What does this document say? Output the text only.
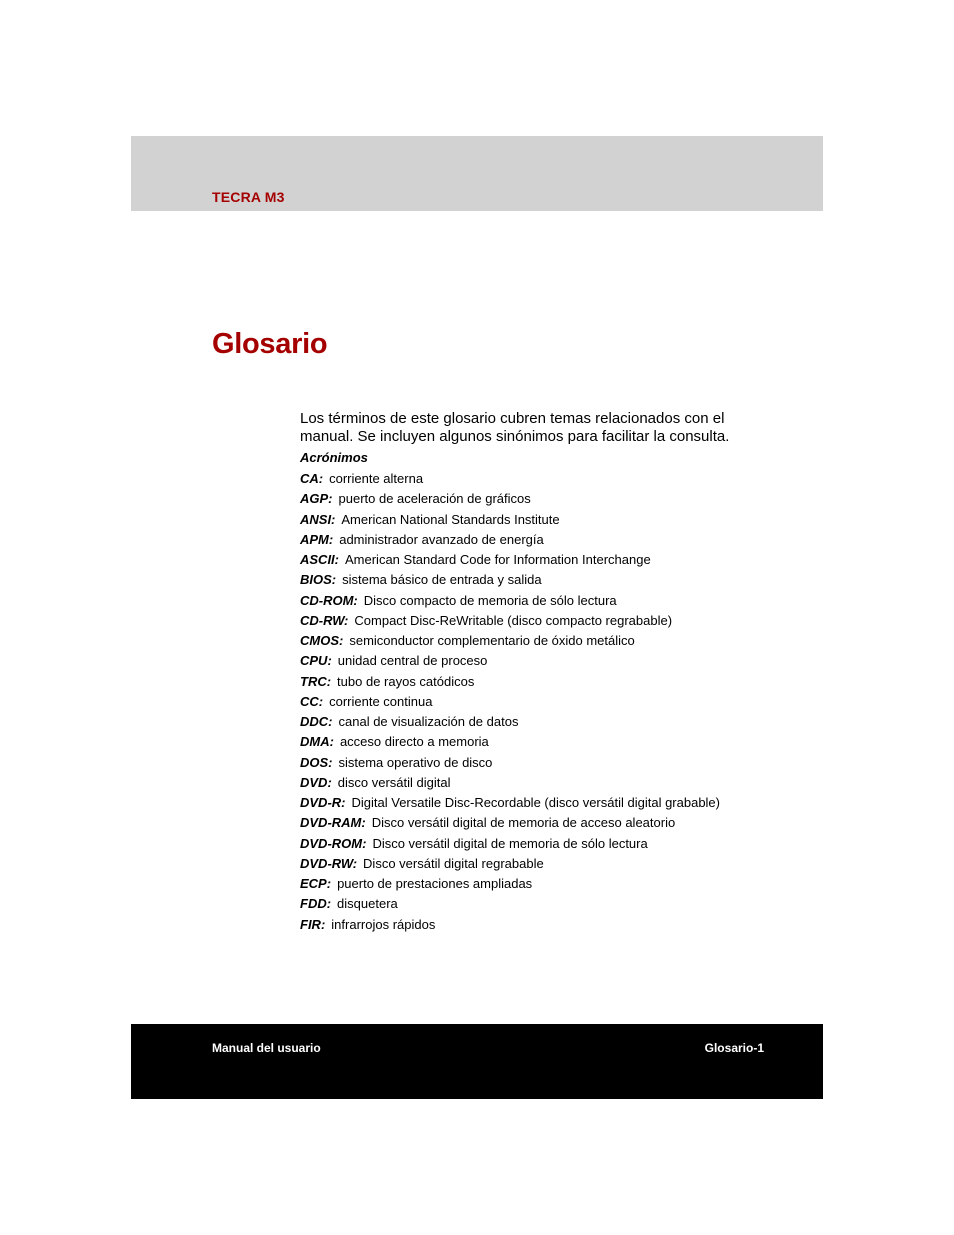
TECRA M3
Glosario

Los términos de este glosario cubren temas relacionados con el manual. Se incluyen algunos sinónimos para facilitar la consulta.

Acrónimos
CA: corriente alterna
AGP: puerto de aceleración de gráficos
ANSI: American National Standards Institute
APM: administrador avanzado de energía
ASCII: American Standard Code for Information Interchange
BIOS: sistema básico de entrada y salida
CD-ROM: Disco compacto de memoria de sólo lectura
CD-RW: Compact Disc-ReWritable (disco compacto regrabable)
CMOS: semiconductor complementario de óxido metálico
CPU: unidad central de proceso
TRC: tubo de rayos catódicos
CC: corriente continua
DDC: canal de visualización de datos
DMA: acceso directo a memoria
DOS: sistema operativo de disco
DVD: disco versátil digital
DVD-R: Digital Versatile Disc-Recordable (disco versátil digital grabable)
DVD-RAM: Disco versátil digital de memoria de acceso aleatorio
DVD-ROM: Disco versátil digital de memoria de sólo lectura
DVD-RW: Disco versátil digital regrabable
ECP: puerto de prestaciones ampliadas
FDD: disquetera
FIR: infrarrojos rápidos
Manual del usuario	Glosario-1
